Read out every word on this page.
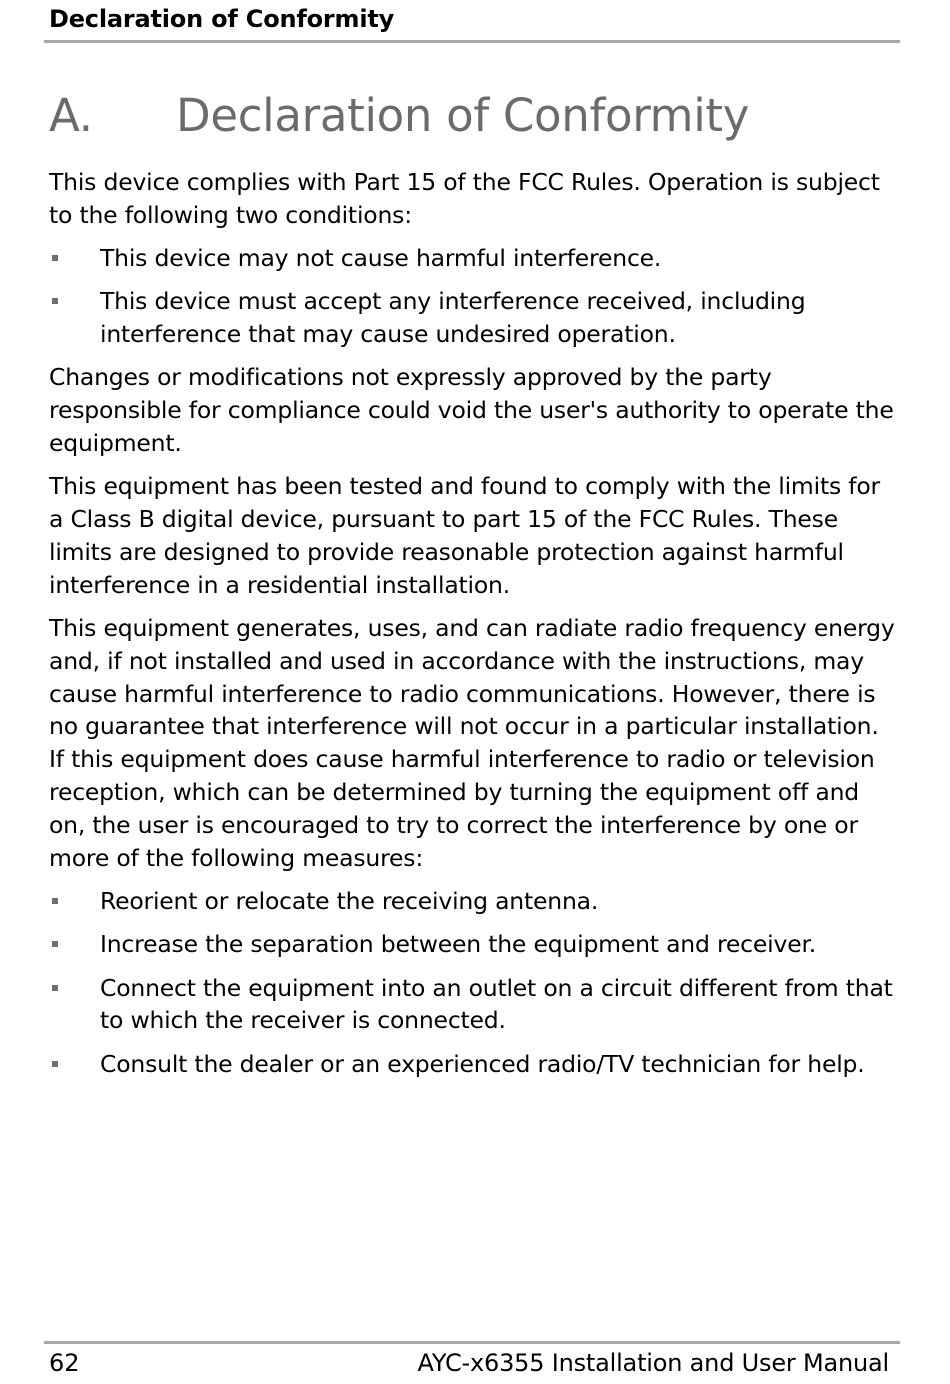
Declaration of Conformity
A. Declaration of Conformity

This device complies with Part 15 of the FCC Rules. Operation is subject to the following two conditions:

This device may not cause harmful interference.
This device must accept any interference received, including interference that may cause undesired operation.

Changes or modifications not expressly approved by the party responsible for compliance could void the user's authority to operate the equipment.

This equipment has been tested and found to comply with the limits for a Class B digital device, pursuant to part 15 of the FCC Rules. These limits are designed to provide reasonable protection against harmful interference in a residential installation.

This equipment generates, uses, and can radiate radio frequency energy and, if not installed and used in accordance with the instructions, may cause harmful interference to radio communications. However, there is no guarantee that interference will not occur in a particular installation. If this equipment does cause harmful interference to radio or television reception, which can be determined by turning the equipment off and on, the user is encouraged to try to correct the interference by one or more of the following measures:

Reorient or relocate the receiving antenna.
Increase the separation between the equipment and receiver.
Connect the equipment into an outlet on a circuit different from that to which the receiver is connected.
Consult the dealer or an experienced radio/TV technician for help.
62	AYC-x6355 Installation and User Manual
